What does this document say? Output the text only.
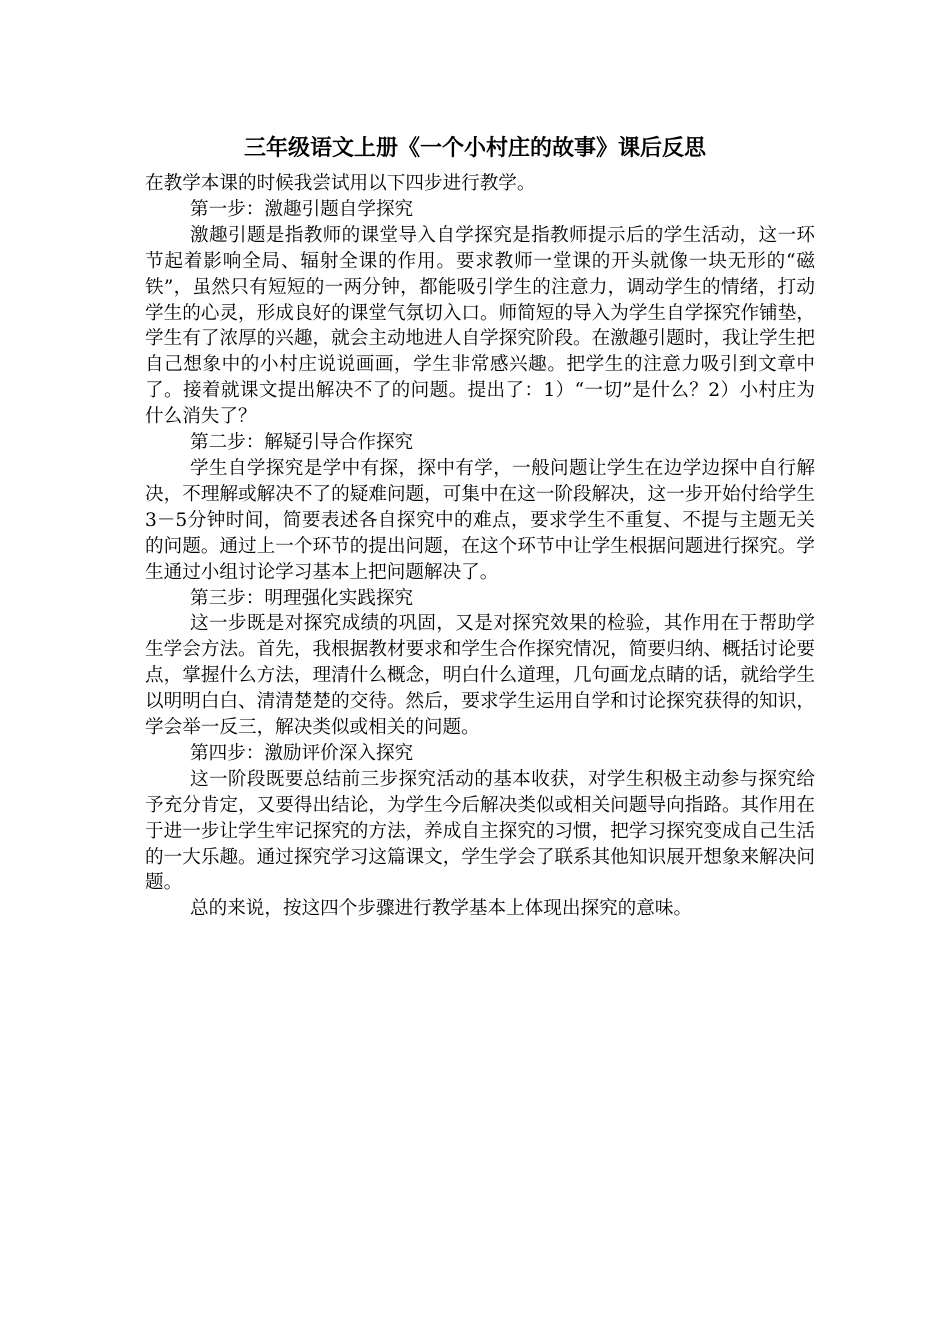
三年级语文上册《一个小村庄的故事》课后反思

在教学本课的时候我尝试用以下四步进行教学。

第一步：激趣引题自学探究

激趣引题是指教师的课堂导入自学探究是指教师提示后的学生活动，这一环节起着影响全局、辐射全课的作用。要求教师一堂课的开头就像一块无形的“磁铁”，虽然只有短短的一两分钟，都能吸引学生的注意力，调动学生的情绪，打动学生的心灵，形成良好的课堂气氛切入口。师简短的导入为学生自学探究作铺垫，学生有了浓厚的兴趣，就会主动地进人自学探究阶段。在激趣引题时，我让学生把自己想象中的小村庄说说画画，学生非常感兴趣。把学生的注意力吸引到文章中了。接着就课文提出解决不了的问题。提出了：1）“一切”是什么？2）小村庄为什么消失了？

第二步：解疑引导合作探究

学生自学探究是学中有探，探中有学，一般问题让学生在边学边探中自行解决，不理解或解决不了的疑难问题，可集中在这一阶段解决，这一步开始付给学生3－5分钟时间，简要表述各自探究中的难点，要求学生不重复、不提与主题无关的问题。通过上一个环节的提出问题，在这个环节中让学生根据问题进行探究。学生通过小组讨论学习基本上把问题解决了。

第三步：明理强化实践探究

这一步既是对探究成绩的巩固，又是对探究效果的检验，其作用在于帮助学生学会方法。首先，我根据教材要求和学生合作探究情况，简要归纳、概括讨论要点，掌握什么方法，理清什么概念，明白什么道理，几句画龙点睛的话，就给学生以明明白白、清清楚楚的交待。然后，要求学生运用自学和讨论探究获得的知识，学会举一反三，解决类似或相关的问题。

第四步：激励评价深入探究

这一阶段既要总结前三步探究活动的基本收获，对学生积极主动参与探究给予充分肯定，又要得出结论，为学生今后解决类似或相关问题导向指路。其作用在于进一步让学生牢记探究的方法，养成自主探究的习惯，把学习探究变成自己生活的一大乐趣。通过探究学习这篇课文，学生学会了联系其他知识展开想象来解决问题。

总的来说，按这四个步骤进行教学基本上体现出探究的意味。
